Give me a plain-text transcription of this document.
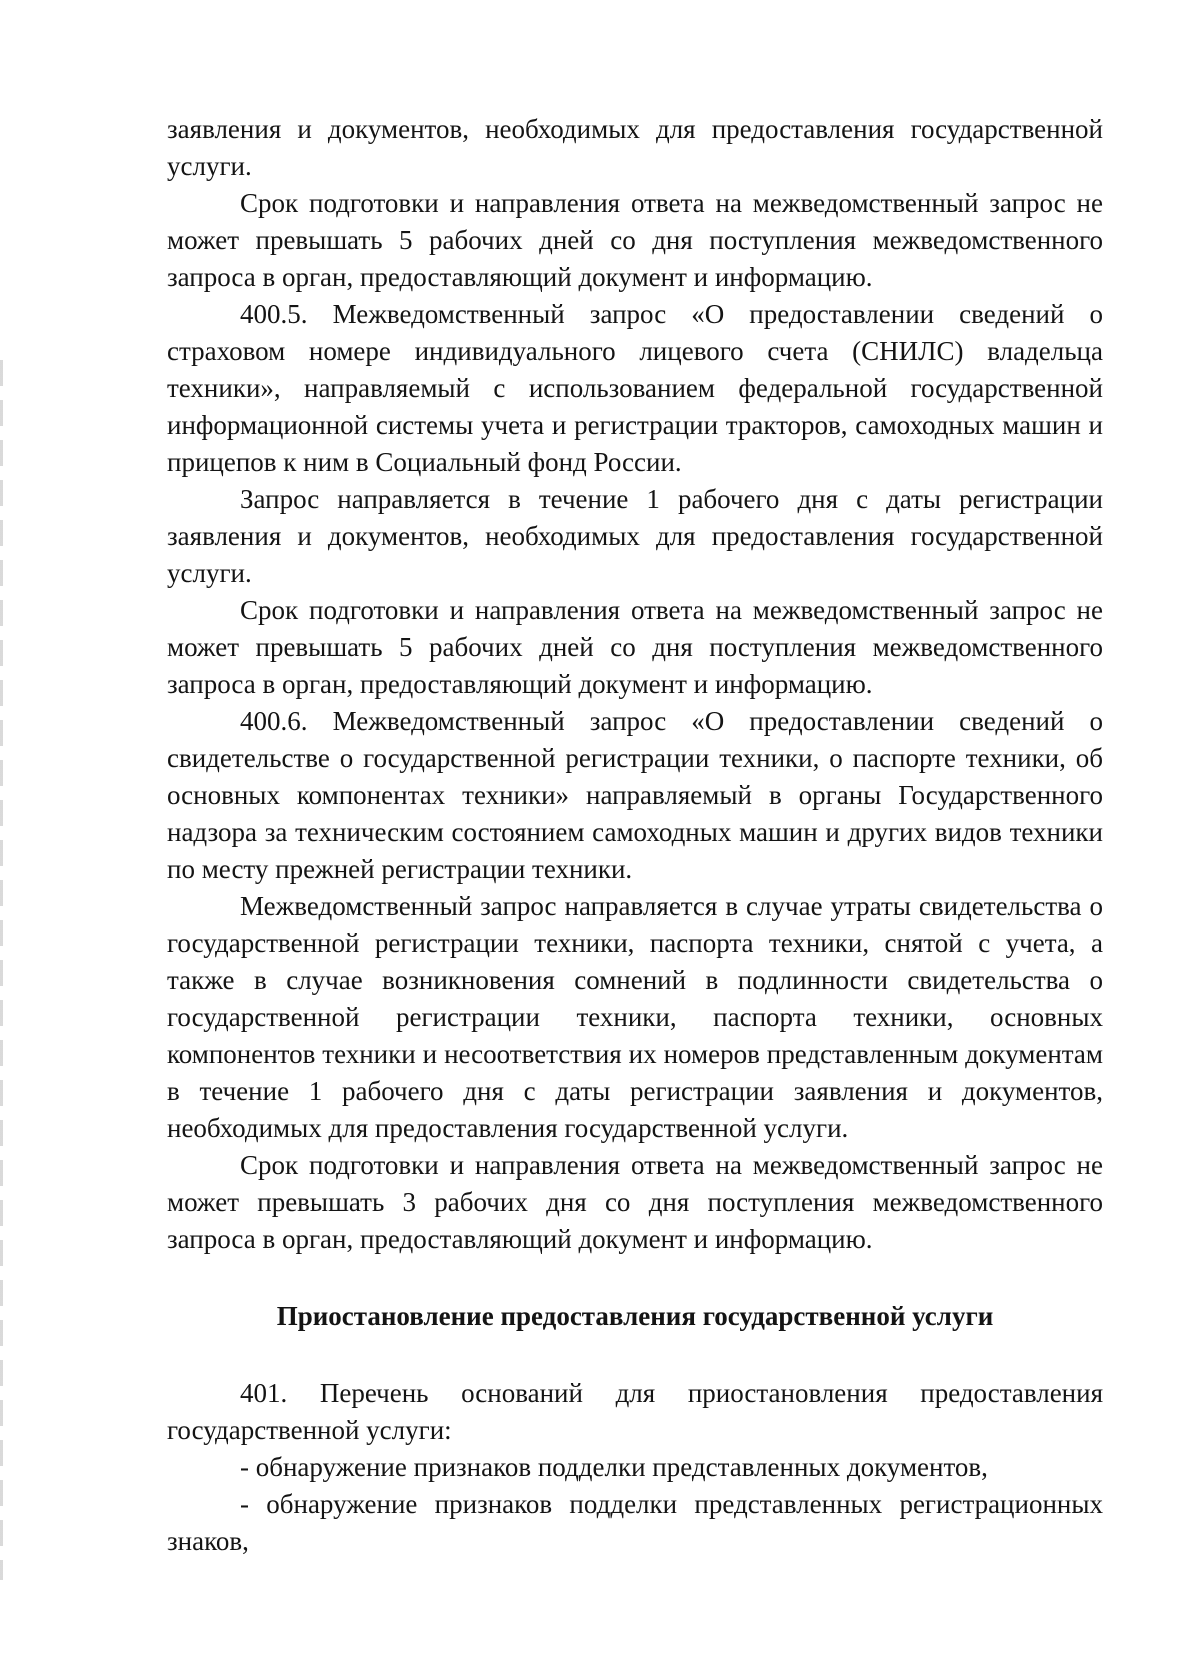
заявления и документов, необходимых для предоставления государственной услуги.

Срок подготовки и направления ответа на межведомственный запрос не может превышать 5 рабочих дней со дня поступления межведомственного запроса в орган, предоставляющий документ и информацию.

400.5. Межведомственный запрос «О предоставлении сведений о страховом номере индивидуального лицевого счета (СНИЛС) владельца техники», направляемый с использованием федеральной государственной информационной системы учета и регистрации тракторов, самоходных машин и прицепов к ним в Социальный фонд России.

Запрос направляется в течение 1 рабочего дня с даты регистрации заявления и документов, необходимых для предоставления государственной услуги.

Срок подготовки и направления ответа на межведомственный запрос не может превышать 5 рабочих дней со дня поступления межведомственного запроса в орган, предоставляющий документ и информацию.

400.6. Межведомственный запрос «О предоставлении сведений о свидетельстве о государственной регистрации техники, о паспорте техники, об основных компонентах техники» направляемый в органы Государственного надзора за техническим состоянием самоходных машин и других видов техники по месту прежней регистрации техники.

Межведомственный запрос направляется в случае утраты свидетельства о государственной регистрации техники, паспорта техники, снятой с учета, а также в случае возникновения сомнений в подлинности свидетельства о государственной регистрации техники, паспорта техники, основных компонентов техники и несоответствия их номеров представленным документам в течение 1 рабочего дня с даты регистрации заявления и документов, необходимых для предоставления государственной услуги.

Срок подготовки и направления ответа на межведомственный запрос не может превышать 3 рабочих дня со дня поступления межведомственного запроса в орган, предоставляющий документ и информацию.

Приостановление предоставления государственной услуги

401. Перечень оснований для приостановления предоставления государственной услуги:

- обнаружение признаков подделки представленных документов,

- обнаружение признаков подделки представленных регистрационных знаков,
